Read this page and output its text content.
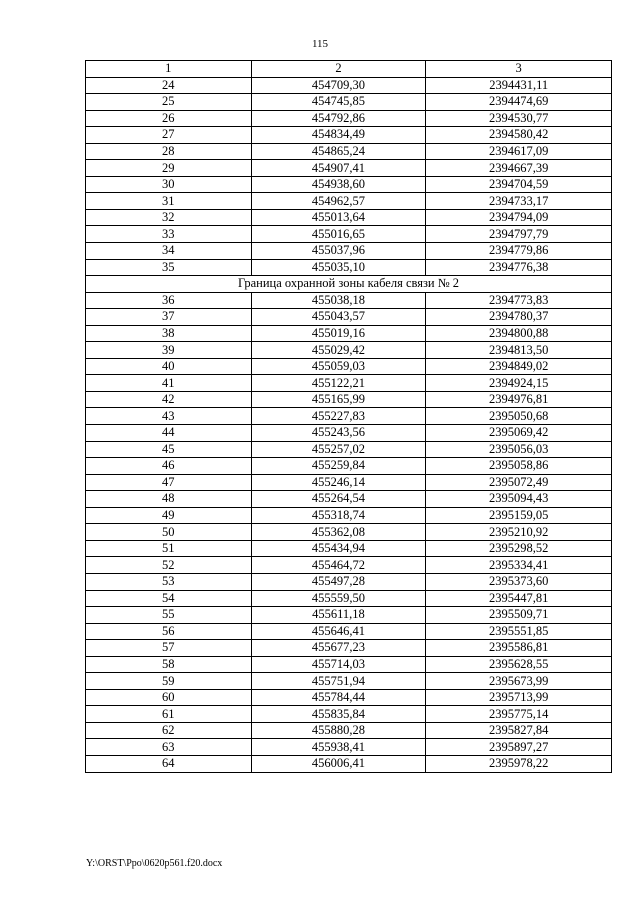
115
1	2	3
24	454709,30	2394431,11
25	454745,85	2394474,69
26	454792,86	2394530,77
27	454834,49	2394580,42
28	454865,24	2394617,09
29	454907,41	2394667,39
30	454938,60	2394704,59
31	454962,57	2394733,17
32	455013,64	2394794,09
33	455016,65	2394797,79
34	455037,96	2394779,86
35	455035,10	2394776,38
Граница охранной зоны кабеля связи № 2		
36	455038,18	2394773,83
37	455043,57	2394780,37
38	455019,16	2394800,88
39	455029,42	2394813,50
40	455059,03	2394849,02
41	455122,21	2394924,15
42	455165,99	2394976,81
43	455227,83	2395050,68
44	455243,56	2395069,42
45	455257,02	2395056,03
46	455259,84	2395058,86
47	455246,14	2395072,49
48	455264,54	2395094,43
49	455318,74	2395159,05
50	455362,08	2395210,92
51	455434,94	2395298,52
52	455464,72	2395334,41
53	455497,28	2395373,60
54	455559,50	2395447,81
55	455611,18	2395509,71
56	455646,41	2395551,85
57	455677,23	2395586,81
58	455714,03	2395628,55
59	455751,94	2395673,99
60	455784,44	2395713,99
61	455835,84	2395775,14
62	455880,28	2395827,84
63	455938,41	2395897,27
64	456006,41	2395978,22
Y:\ORST\Ppo\0620p561.f20.docx
